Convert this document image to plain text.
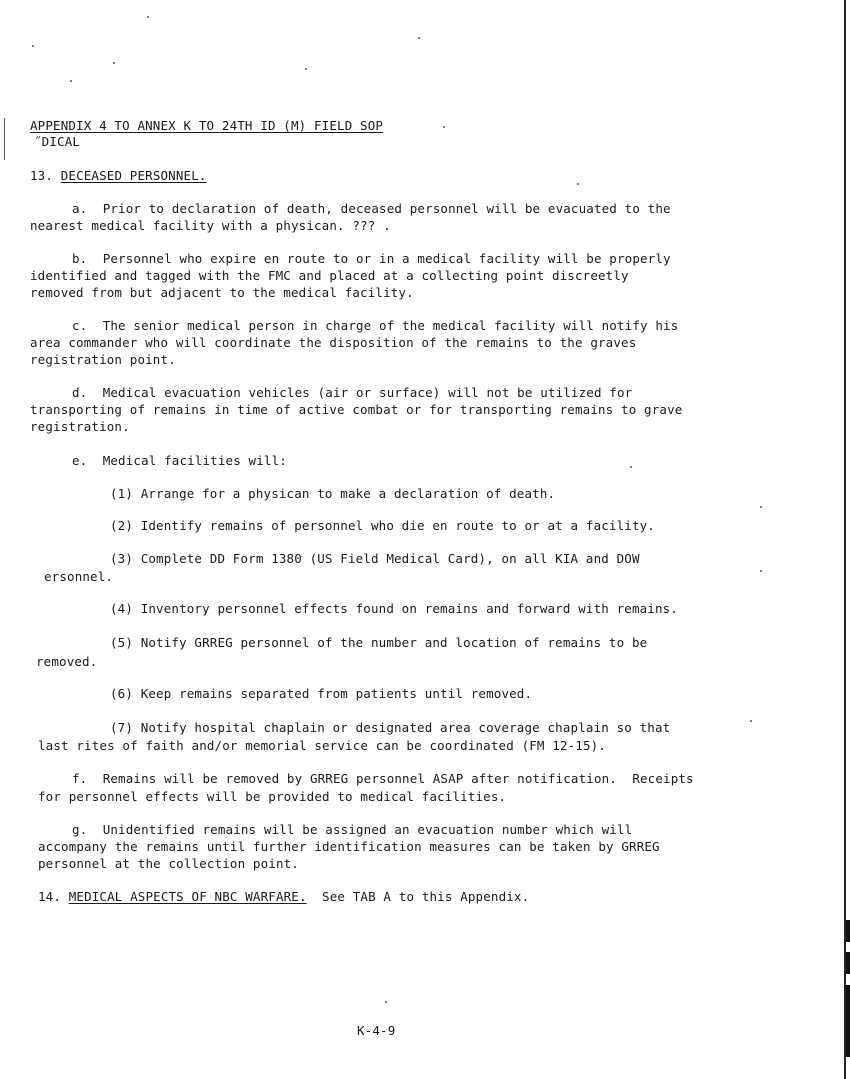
APPENDIX 4 TO ANNEX K TO 24TH ID (M) FIELD SOP
˝DICAL
13. DECEASED PERSONNEL.
a.  Prior to declaration of death, deceased personnel will be evacuated to the
nearest medical facility with a physican. ??? .
b.  Personnel who expire en route to or in a medical facility will be properly
identified and tagged with the FMC and placed at a collecting point discreetly
removed from but adjacent to the medical facility.
c.  The senior medical person in charge of the medical facility will notify his
area commander who will coordinate the disposition of the remains to the graves
registration point.
d.  Medical evacuation vehicles (air or surface) will not be utilized for
transporting of remains in time of active combat or for transporting remains to grave
registration.
e.  Medical facilities will:
(1) Arrange for a physican to make a declaration of death.
(2) Identify remains of personnel who die en route to or at a facility.
(3) Complete DD Form 1380 (US Field Medical Card), on all KIA and DOW
ersonnel.
(4) Inventory personnel effects found on remains and forward with remains.
(5) Notify GRREG personnel of the number and location of remains to be
removed.
(6) Keep remains separated from patients until removed.
(7) Notify hospital chaplain or designated area coverage chaplain so that
last rites of faith and/or memorial service can be coordinated (FM 12-15).
f.  Remains will be removed by GRREG personnel ASAP after notification.  Receipts
for personnel effects will be provided to medical facilities.
g.  Unidentified remains will be assigned an evacuation number which will
accompany the remains until further identification measures can be taken by GRREG
personnel at the collection point.
14. MEDICAL ASPECTS OF NBC WARFARE. See TAB A to this Appendix.
K-4-9
